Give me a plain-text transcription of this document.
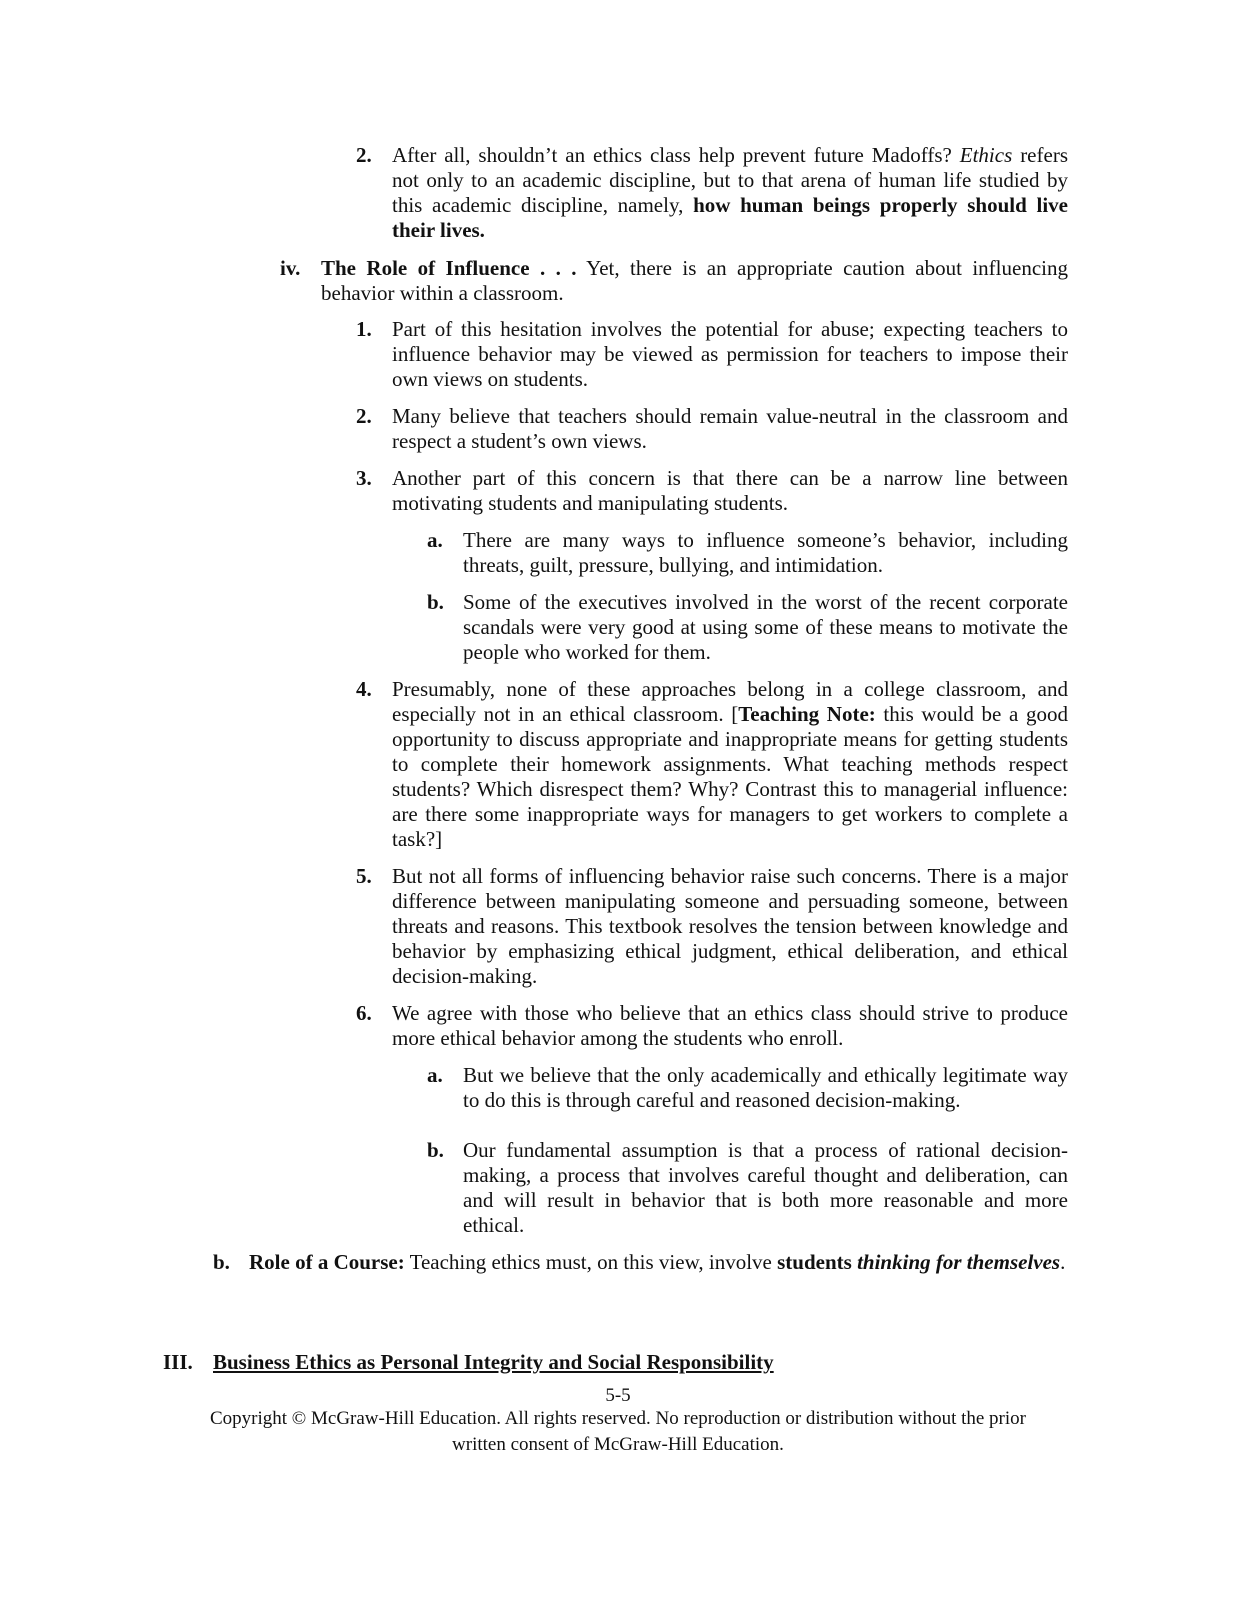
2. After all, shouldn’t an ethics class help prevent future Madoffs? Ethics refers not only to an academic discipline, but to that arena of human life studied by this academic discipline, namely, how human beings properly should live their lives.
iv. The Role of Influence . . . Yet, there is an appropriate caution about influencing behavior within a classroom.
1. Part of this hesitation involves the potential for abuse; expecting teachers to influence behavior may be viewed as permission for teachers to impose their own views on students.
2. Many believe that teachers should remain value-neutral in the classroom and respect a student’s own views.
3. Another part of this concern is that there can be a narrow line between motivating students and manipulating students.
a. There are many ways to influence someone’s behavior, including threats, guilt, pressure, bullying, and intimidation.
b. Some of the executives involved in the worst of the recent corporate scandals were very good at using some of these means to motivate the people who worked for them.
4. Presumably, none of these approaches belong in a college classroom, and especially not in an ethical classroom. [Teaching Note: this would be a good opportunity to discuss appropriate and inappropriate means for getting students to complete their homework assignments. What teaching methods respect students? Which disrespect them? Why? Contrast this to managerial influence: are there some inappropriate ways for managers to get workers to complete a task?]
5. But not all forms of influencing behavior raise such concerns. There is a major difference between manipulating someone and persuading someone, between threats and reasons. This textbook resolves the tension between knowledge and behavior by emphasizing ethical judgment, ethical deliberation, and ethical decision-making.
6. We agree with those who believe that an ethics class should strive to produce more ethical behavior among the students who enroll.
a. But we believe that the only academically and ethically legitimate way to do this is through careful and reasoned decision-making.
b. Our fundamental assumption is that a process of rational decision-making, a process that involves careful thought and deliberation, can and will result in behavior that is both more reasonable and more ethical.
b. Role of a Course: Teaching ethics must, on this view, involve students thinking for themselves.
III. Business Ethics as Personal Integrity and Social Responsibility
5-5
Copyright © McGraw-Hill Education. All rights reserved. No reproduction or distribution without the prior
written consent of McGraw-Hill Education.
